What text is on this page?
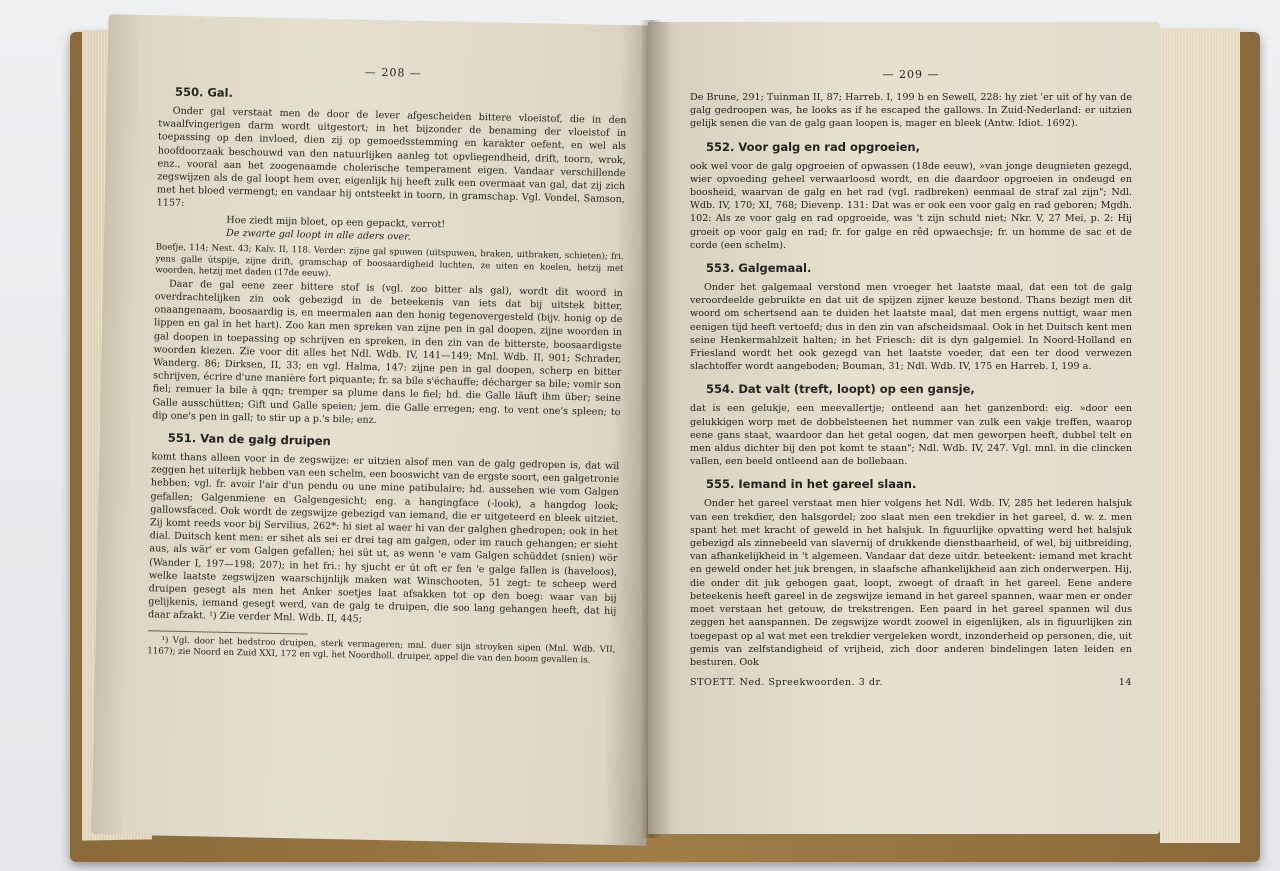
— 208 —
550. Gal.

Onder gal verstaat men de door de lever afgescheiden bittere vloeistof, die in den twaalfvingerigen darm wordt uitgestort; in het bijzonder de benaming der vloeistof in toepassing op den invloed, dien zij op gemoedsstemming en karakter oefent, en wel als hoofdoorzaak beschouwd van den natuurlijken aanleg tot opvliegendheid, drift, toorn, wrok, enz., vooral aan het zoogenaamde cholerische temperament eigen. Vandaar verschillende zegswijzen als de gal loopt hem over, eigenlijk hij heeft zulk een overmaat van gal, dat zij zich met het bloed vermengt; en vandaar hij ontsteekt in toorn, in gramschap. Vgl. Vondel, Samson, 1157:

Hoe ziedt mijn bloet, op een gepackt, verrot!
De zwarte gal loopt in alle aders over.

Boefje, 114; Nest. 43; Kalv. II, 118. Verder: zijne gal spuwen (uitspuwen, braken, uitbraken, schieten); fri. yens galle útspije, zijne drift, gramschap of boosaardigheid luchten, ze uiten en koelen, hetzij met woorden, hetzij met daden (17de eeuw).

Daar de gal eene zeer bittere stof is (vgl. zoo bitter als gal), wordt dit woord in overdrachtelijken zin ook gebezigd in de beteekenis van iets dat bij uitstek bitter, onaangenaam, boosaardig is, en meermalen aan den honig tegenovergesteld (bijv. honig op de lippen en gal in het hart). Zoo kan men spreken van zijne pen in gal doopen, zijne woorden in gal doopen in toepassing op schrijven en spreken, in den zin van de bitterste, boosaardigste woorden kiezen. Zie voor dit alles het Ndl. Wdb. IV, 141—149; Mnl. Wdb. II, 901; Schrader, Wanderg. 86; Dirksen, II, 33; en vgl. Halma, 147: zijne pen in gal doopen, scherp en bitter schrijven, écrire d'une manière fort piquante; fr. sa bile s'échauffe; décharger sa bile; vomir son fiel; remuer la bile à qqn; tremper sa plume dans le fiel; hd. die Galle läuft ihm über; seine Galle ausschütten; Gift und Galle speien; jem. die Galle erregen; eng. to vent one's spleen; to dip one's pen in gall; to stir up a p.'s bile; enz.

551. Van de galg druipen

komt thans alleen voor in de zegswijze: er uitzien alsof men van de galg gedropen is, dat wil zeggen het uiterlijk hebben van een schelm, een booswicht van de ergste soort, een galgetronie hebben; vgl. fr. avoir l'air d'un pendu ou une mine patibulaire; hd. aussehen wie vom Galgen gefallen; Galgenmiene en Galgengesicht; eng. a hangingface (-look), a hangdog look; gallowsfaced. Ook wordt de zegswijze gebezigd van iemand, die er uitgeteerd en bleek uitziet. Zij komt reeds voor bij Servilius, 262*: hi siet al waer hi van der galghen ghedropen; ook in het dial. Duitsch kent men: er sihet als sei er drei tag am galgen, oder im rauch gehangen; er sieht aus, als wär' er vom Galgen gefallen; hei süt ut, as wenn 'e vam Galgen schüddet (snien) wör (Wander I, 197—198; 207); in het fri.: hy sjucht er út oft er fen 'e galge fallen is (haveloos), welke laatste zegswijzen waarschijnlijk maken wat Winschooten, 51 zegt: te scheep werd druipen gesegt als men het Anker soetjes laat afsakken tot op den boeg: waar van bij gelijkenis, iemand gesegt werd, van de galg te druipen, die soo lang gehangen heeft, dat hij daar afzakt. ¹) Zie verder Mnl. Wdb. II, 445;

¹) Vgl. door het bedstroo druipen, sterk vermageren; mnl. duer sijn stroyken sipen (Mnl. Wdb. VII, 1167); zie Noord en Zuid XXI, 172 en vgl. het Noordholl. druiper, appel die van den boom gevallen is.

— 209 —

De Brune, 291; Tuinman II, 87; Harreb. I, 199 b en Sewell, 228: hy ziet 'er uit of hy van de galg gedroopen was, he looks as if he escaped the gallows. In Zuid-Nederland: er uitzien gelijk senen die van de galg gaan loopen is, mager en bleek (Antw. Idiot. 1692).

552. Voor galg en rad opgroeien,

ook wel voor de galg opgroeien of opwassen (18de eeuw), »van jonge deugnieten gezegd, wier opvoeding geheel verwaarloosd wordt, en die daardoor opgroeien in ondeugd en boosheid, waarvan de galg en het rad (vgl. radbreken) eenmaal de straf zal zijn"; Ndl. Wdb. IV, 170; XI, 768; Dievenp. 131: Dat was er ook een voor galg en rad geboren; Mgdh. 102: Als ze voor galg en rad opgroeide, was 't zijn schuld niet; Nkr. V, 27 Mei, p. 2: Hij groeit op voor galg en rad; fr. for galge en rêd opwaechsje; fr. un homme de sac et de corde (een schelm).

553. Galgemaal.

Onder het galgemaal verstond men vroeger het laatste maal, dat een tot de galg veroordeelde gebruikte en dat uit de spijzen zijner keuze bestond. Thans bezigt men dit woord om schertsend aan te duiden het laatste maal, dat men ergens nuttigt, waar men eenigen tijd heeft vertoefd; dus in den zin van afscheidsmaal. Ook in het Duitsch kent men seine Henkermahlzeit halten; in het Friesch: dit is dyn galgemiel. In Noord-Holland en Friesland wordt het ook gezegd van het laatste voeder, dat een ter dood verwezen slachtoffer wordt aangeboden; Bouman, 31; Ndl. Wdb. IV, 175 en Harreb. I, 199 a.

554. Dat valt (treft, loopt) op een gansje,

dat is een gelukje, een meevallertje; ontleend aan het ganzenbord: eig. »door een gelukkigen worp met de dobbelsteenen het nummer van zulk een vakje treffen, waarop eene gans staat, waardoor dan het getal oogen, dat men geworpen heeft, dubbel telt en men aldus dichter bij den pot komt te staan"; Ndl. Wdb. IV, 247. Vgl. mnl. in die clincken vallen, een beeld ontleend aan de bollebaan.

555. Iemand in het gareel slaan.

Onder het gareel verstaat men hier volgens het Ndl. Wdb. IV, 285 het lederen halsjuk van een trekdier, den halsgordel; zoo slaat men een trekdier in het gareel, d. w. z. men spant het met kracht of geweld in het halsjuk. In figuurlijke opvatting werd het halsjuk gebezigd als zinnebeeld van slavernij of drukkende dienstbaarheid, of wel, bij uitbreiding, van afhankelijkheid in 't algemeen. Vandaar dat deze uitdr. beteekent: iemand met kracht en geweld onder het juk brengen, in slaafsche afhankelijkheid aan zich onderwerpen. Hij, die onder dit juk gebogen gaat, loopt, zwoegt of draaft in het gareel. Eene andere beteekenis heeft gareel in de zegswijze iemand in het gareel spannen, waar men er onder moet verstaan het getouw, de trekstrengen. Een paard in het gareel spannen wil dus zeggen het aanspannen. De zegswijze wordt zoowel in eigenlijken, als in figuurlijken zin toegepast op al wat met een trekdier vergeleken wordt, inzonderheid op personen, die, uit gemis van zelfstandigheid of vrijheid, zich door anderen bindelingen laten leiden en besturen. Ook

STOETT. Ned. Spreekwoorden. 3 dr.	14
